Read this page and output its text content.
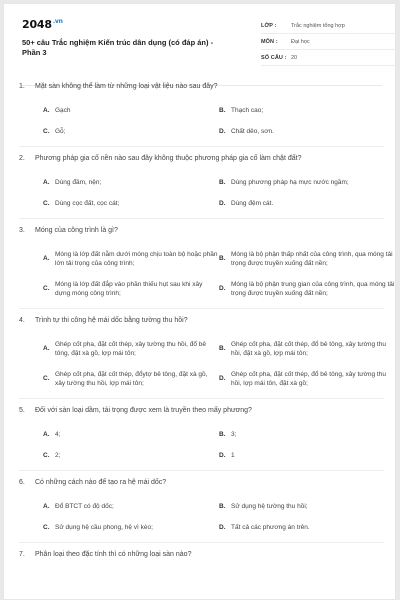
$2048^{.vn}$
50+ câu Trắc nghiệm Kiến trúc dân dụng (có đáp án) - Phần 3
LỚP :	Trắc nghiệm tổng hợp
MÔN :	Đại học
SỐ CÂU : 20
1. Mặt sàn không thể làm từ những loại vật liệu nào sau đây?
A. Gạch	B. Thạch cao;
C. Gỗ;	D. Chất dẻo, sơn.
2. Phương pháp gia cố nền nào sau đây không thuộc phương pháp gia cố làm chặt đất?
A. Dùng đầm, nện;	B. Dùng phương pháp hạ mực nước ngầm;
C. Dùng cọc đất, cọc cát;	D. Dùng đệm cát.
3. Móng của công trình là gì?
A.
Móng là lớp đất nằm dưới móng chịu toàn bộ hoặc phần lớn tải trọng của công trình;
B.
Móng là bộ phận thấp nhất của công trình, qua móng tải trọng được truyền xuống đất nền;
C.
Móng là lớp đất đắp vào phần thiếu hụt sau khi xây dựng móng công trình;
D.
Móng là bộ phận trung gian của công trình, qua móng tải trọng được truyền xuống đất nền;
4. Trình tự thi công hệ mái dốc bằng tường thu hồi?
A.
Ghép cốt pha, đặt cốt thép, xây tường thu hồi, đổ bê tông, đặt xà gồ, lợp mái tôn;
B.
Ghép cốt pha, đặt cốt thép, đổ bê tông, xây tường thu hồi, đặt xà gồ, lợp mái tôn;
C.
Ghép cốt pha, đặt cốt thép, đổytợ bê tông, đặt xà gồ, xây tường thu hồi, lợp mái tôn;
D.
Ghép cốt pha, đặt cốt thép, đổ bê tông, xây tường thu hồi, lợp mái tôn, đặt xà gồ;
5. Đối với sàn loại dầm, tải trọng được xem là truyền theo mấy phương?
A. 4;	B. 3;
C. 2;	D. 1
6. Có những cách nào để tạo ra hệ mái dốc?
A. Đổ BTCT có độ dốc;	B. Sử dụng hệ tường thu hồi;
C. Sử dụng hệ cầu phong, hệ vì kèo;	D. Tất cả các phương án trên.
7. Phân loại theo đặc tính thì có những loại sàn nào?
